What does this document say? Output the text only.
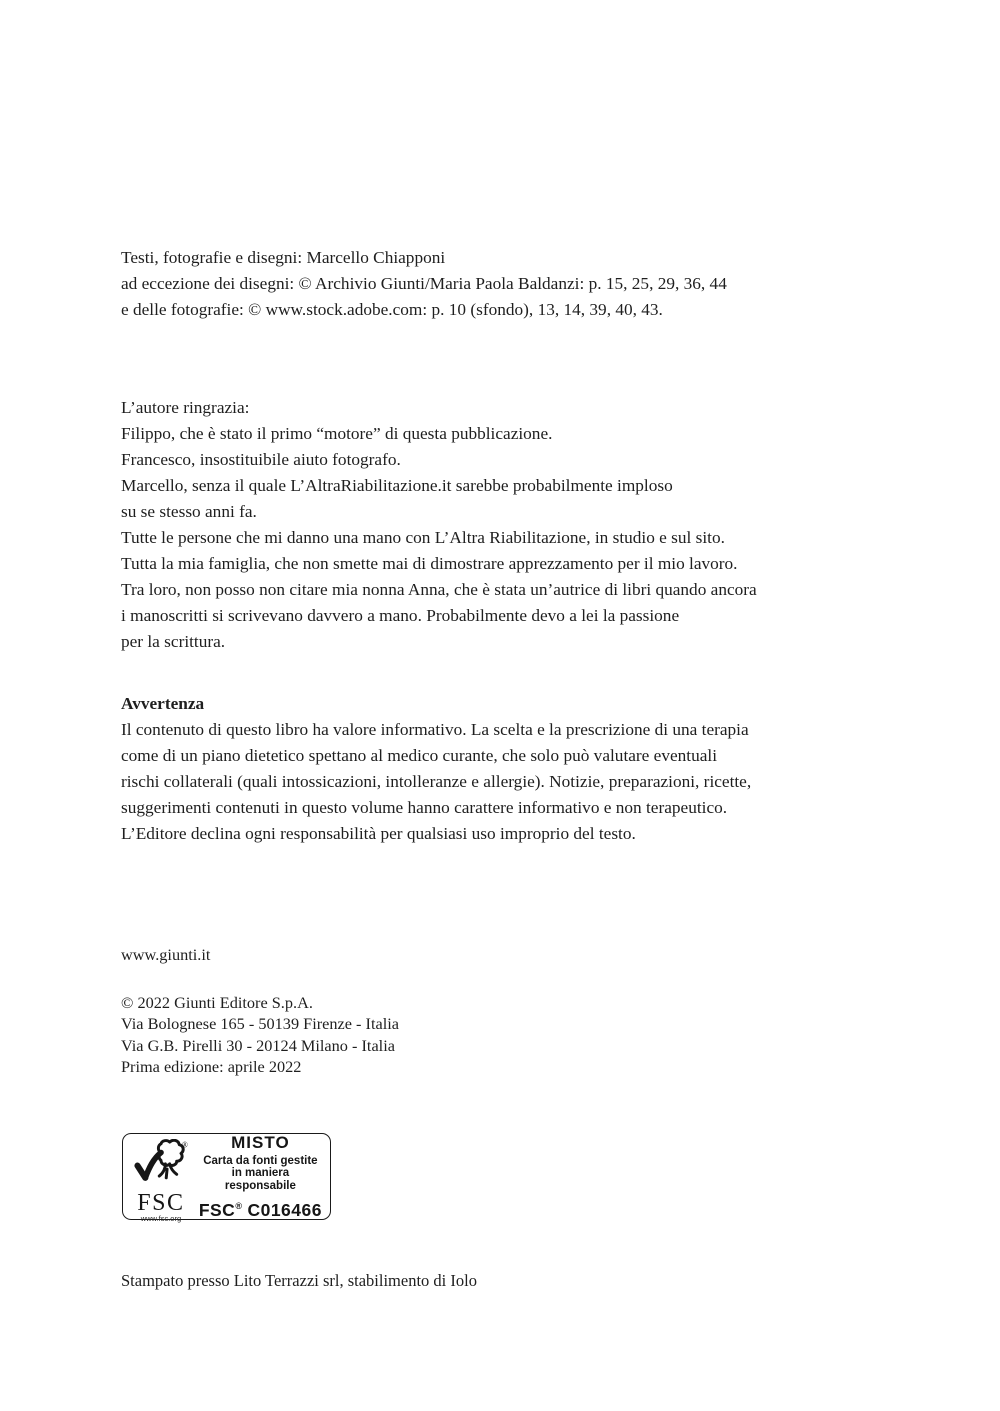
Testi, fotografie e disegni: Marcello Chiapponi
ad eccezione dei disegni: © Archivio Giunti/Maria Paola Baldanzi: p. 15, 25, 29, 36, 44
e delle fotografie: © www.stock.adobe.com: p. 10 (sfondo), 13, 14, 39, 40, 43.
L’autore ringrazia:
Filippo, che è stato il primo “motore” di questa pubblicazione.
Francesco, insostituibile aiuto fotografo.
Marcello, senza il quale L’AltraRiabilitazione.it sarebbe probabilmente imploso
su se stesso anni fa.
Tutte le persone che mi danno una mano con L’Altra Riabilitazione, in studio e sul sito.
Tutta la mia famiglia, che non smette mai di dimostrare apprezzamento per il mio lavoro.
Tra loro, non posso non citare mia nonna Anna, che è stata un’autrice di libri quando ancora
i manoscritti si scrivevano davvero a mano. Probabilmente devo a lei la passione
per la scrittura.
Avvertenza
Il contenuto di questo libro ha valore informativo. La scelta e la prescrizione di una terapia
come di un piano dietetico spettano al medico curante, che solo può valutare eventuali
rischi collaterali (quali intossicazioni, intolleranze e allergie). Notizie, preparazioni, ricette,
suggerimenti contenuti in questo volume hanno carattere informativo e non terapeutico.
L’Editore declina ogni responsabilità per qualsiasi uso improprio del testo.
www.giunti.it
© 2022 Giunti Editore S.p.A.
Via Bolognese 165 - 50139 Firenze - Italia
Via G.B. Pirelli 30 - 20124 Milano - Italia
Prima edizione: aprile 2022
®
FSC
www.fsc.org
MISTO
Carta da fonti gestite
in maniera responsabile
FSC® C016466
Stampato presso Lito Terrazzi srl, stabilimento di Iolo
